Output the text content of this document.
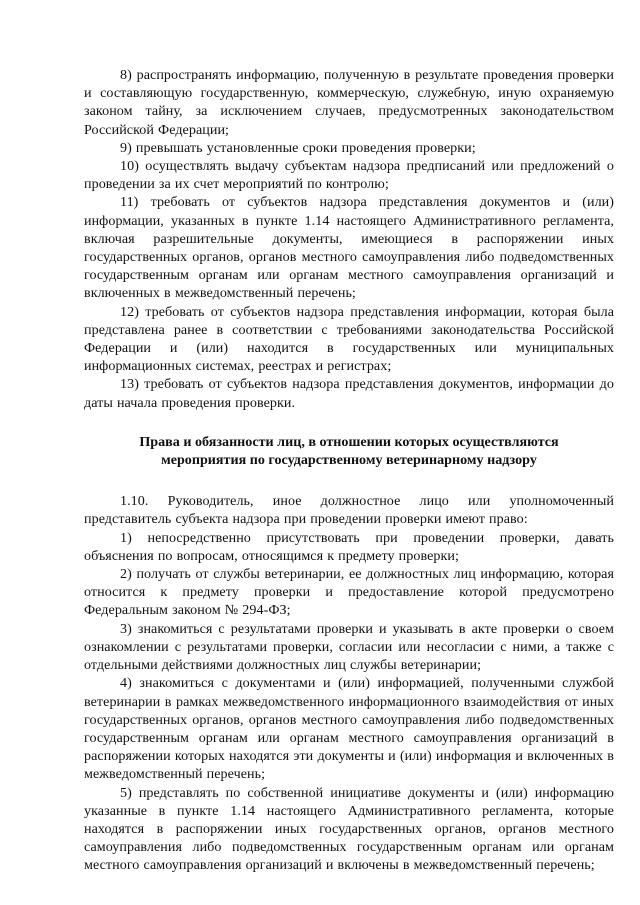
8) распространять информацию, полученную в результате проведения проверки и составляющую государственную, коммерческую, служебную, иную охраняемую законом тайну, за исключением случаев, предусмотренных законодательством Российской Федерации;

9) превышать установленные сроки проведения проверки;

10) осуществлять выдачу субъектам надзора предписаний или предложений о проведении за их счет мероприятий по контролю;

11) требовать от субъектов надзора представления документов и (или) информации, указанных в пункте 1.14 настоящего Административного регламента, включая разрешительные документы, имеющиеся в распоряжении иных государственных органов, органов местного самоуправления либо подведомственных государственным органам или органам местного самоуправления организаций и включенных в межведомственный перечень;

12) требовать от субъектов надзора представления информации, которая была представлена ранее в соответствии с требованиями законодательства Российской Федерации и (или) находится в государственных или муниципальных информационных системах, реестрах и регистрах;

13) требовать от субъектов надзора представления документов, информации до даты начала проведения проверки.

Права и обязанности лиц, в отношении которых осуществляются
мероприятия по государственному ветеринарному надзору

1.10. Руководитель, иное должностное лицо или уполномоченный представитель субъекта надзора при проведении проверки имеют право:

1) непосредственно присутствовать при проведении проверки, давать объяснения по вопросам, относящимся к предмету проверки;

2) получать от службы ветеринарии, ее должностных лиц информацию, которая относится к предмету проверки и предоставление которой предусмотрено Федеральным законом № 294-ФЗ;

3) знакомиться с результатами проверки и указывать в акте проверки о своем ознакомлении с результатами проверки, согласии или несогласии с ними, а также с отдельными действиями должностных лиц службы ветеринарии;

4) знакомиться с документами и (или) информацией, полученными службой ветеринарии в рамках межведомственного информационного взаимодействия от иных государственных органов, органов местного самоуправления либо подведомственных государственным органам или органам местного самоуправления организаций в распоряжении которых находятся эти документы и (или) информация и включенных в межведомственный перечень;

5) представлять по собственной инициативе документы и (или) информацию указанные в пункте 1.14 настоящего Административного регламента, которые находятся в распоряжении иных государственных органов, органов местного самоуправления либо подведомственных государственным органам или органам местного самоуправления организаций и включены в межведомственный перечень;
